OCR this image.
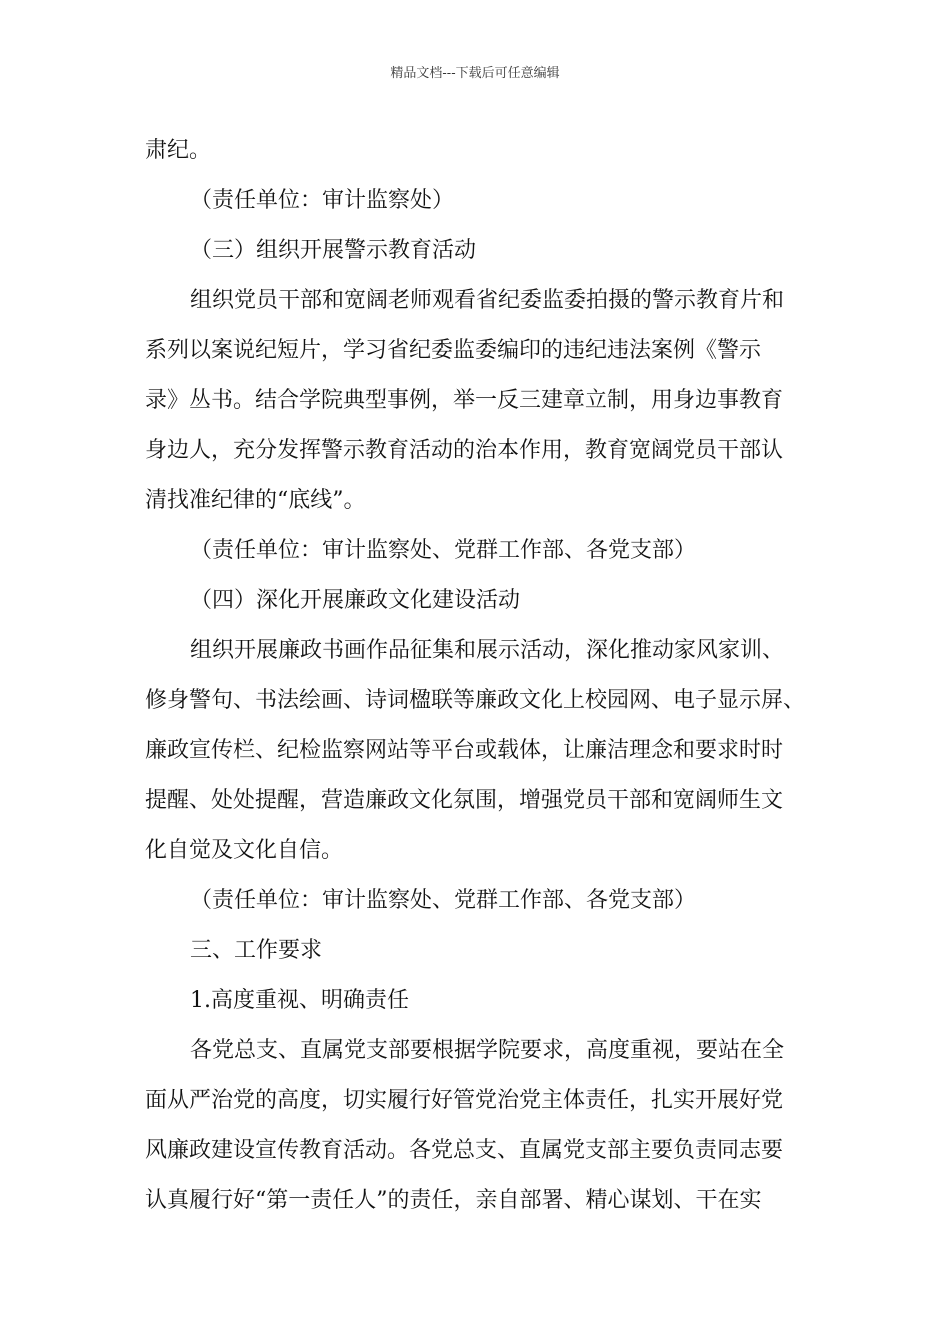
精品文档---下载后可任意编辑
肃纪。
（责任单位：审计监察处）
（三）组织开展警示教育活动
组织党员干部和宽阔老师观看省纪委监委拍摄的警示教育片和
系列以案说纪短片，学习省纪委监委编印的违纪违法案例《警示
录》丛书。结合学院典型事例，举一反三建章立制，用身边事教育
身边人，充分发挥警示教育活动的治本作用，教育宽阔党员干部认
清找准纪律的“底线”。
（责任单位：审计监察处、党群工作部、各党支部）
（四）深化开展廉政文化建设活动
组织开展廉政书画作品征集和展示活动，深化推动家风家训、
修身警句、书法绘画、诗词楹联等廉政文化上校园网、电子显示屏、
廉政宣传栏、纪检监察网站等平台或载体，让廉洁理念和要求时时
提醒、处处提醒，营造廉政文化氛围，增强党员干部和宽阔师生文
化自觉及文化自信。
（责任单位：审计监察处、党群工作部、各党支部）
三、工作要求
1.高度重视、明确责任
各党总支、直属党支部要根据学院要求，高度重视，要站在全
面从严治党的高度，切实履行好管党治党主体责任，扎实开展好党
风廉政建设宣传教育活动。各党总支、直属党支部主要负责同志要
认真履行好“第一责任人”的责任，亲自部署、精心谋划、干在实
